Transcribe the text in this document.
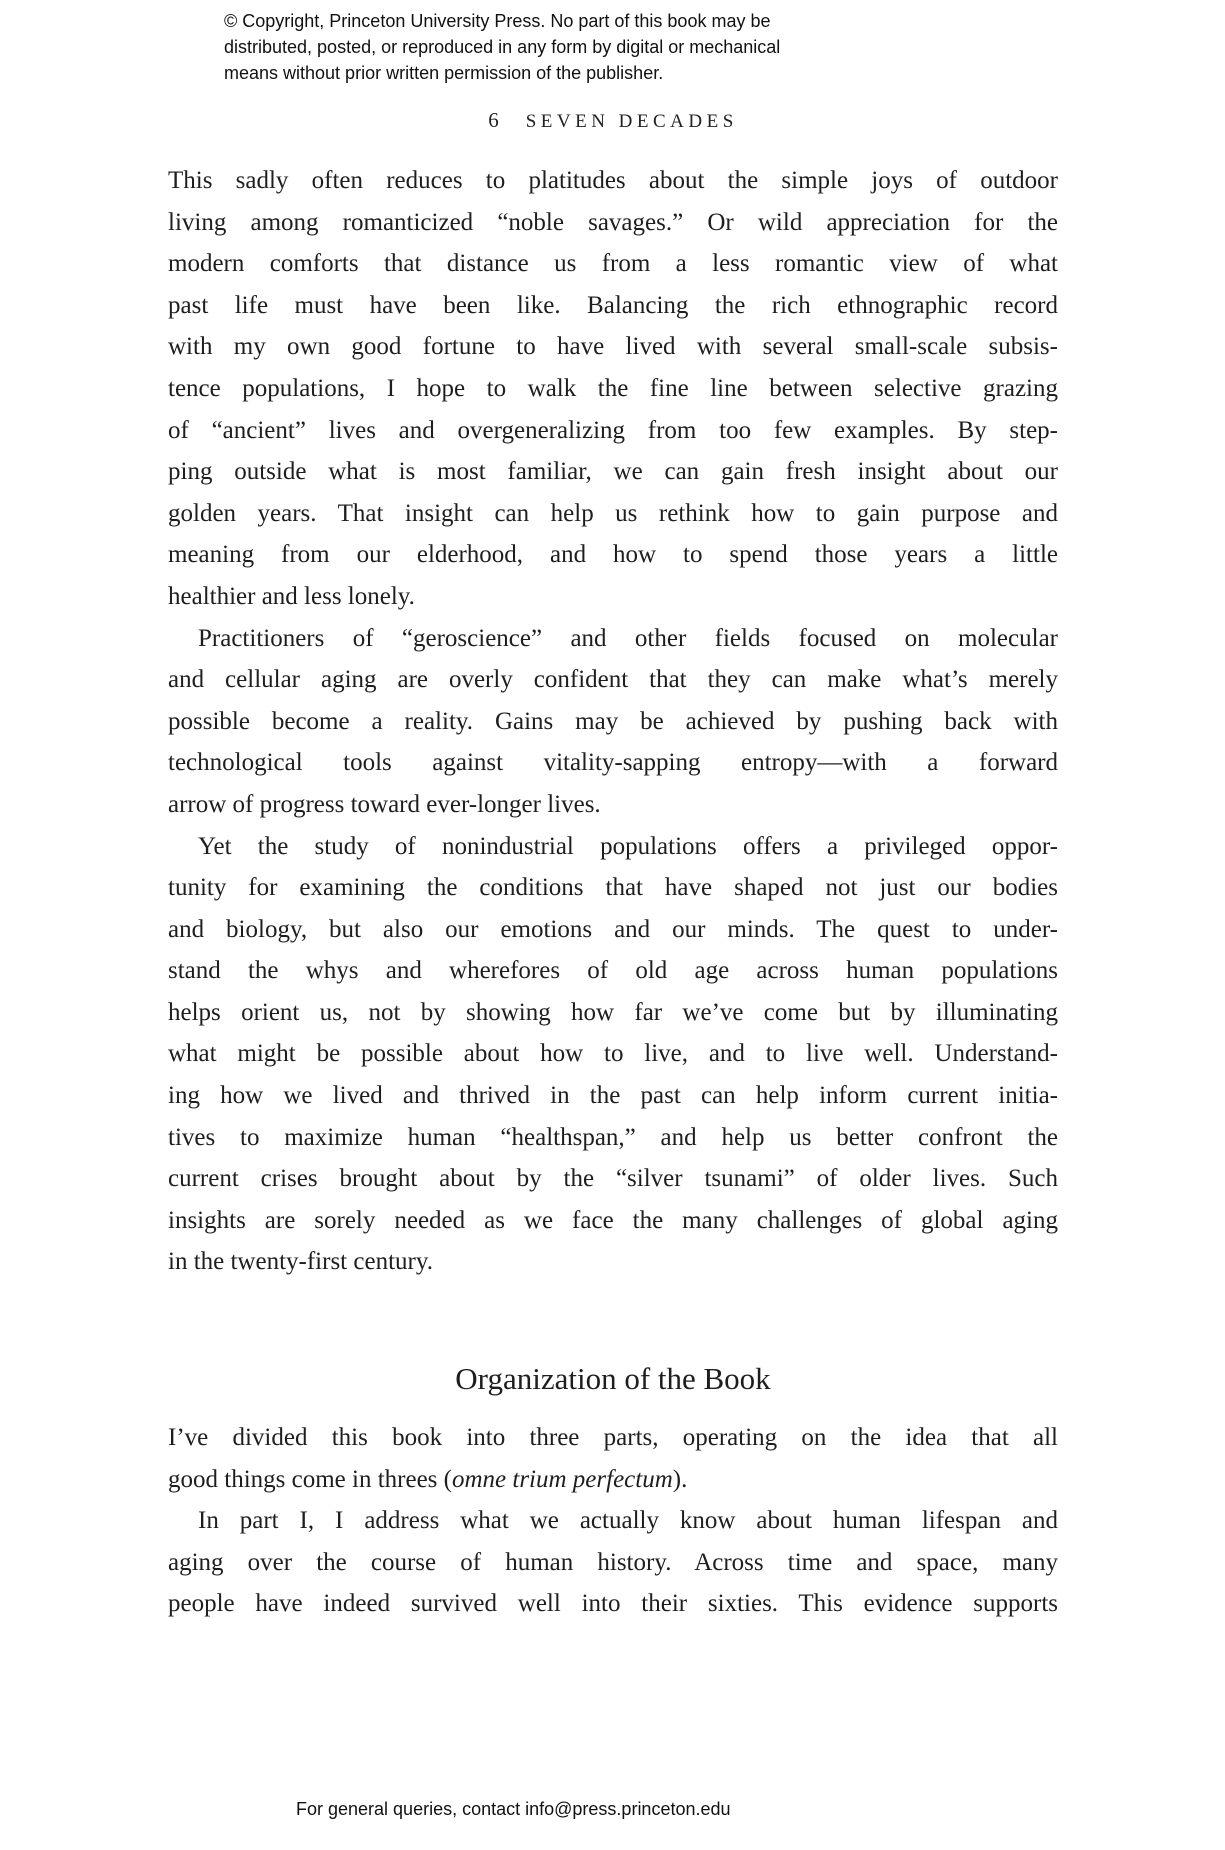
© Copyright, Princeton University Press. No part of this book may be
distributed, posted, or reproduced in any form by digital or mechanical
means without prior written permission of the publisher.
6 SEVEN DECADES
This sadly often reduces to platitudes about the simple joys of outdoor
living among romanticized “noble savages.” Or wild appreciation for the
modern comforts that distance us from a less romantic view of what
past life must have been like. Balancing the rich ethnographic record
with my own good fortune to have lived with several small-scale subsis-
tence populations, I hope to walk the fine line between selective grazing
of “ancient” lives and overgeneralizing from too few examples. By step-
ping outside what is most familiar, we can gain fresh insight about our
golden years. That insight can help us rethink how to gain purpose and
meaning from our elderhood, and how to spend those years a little
healthier and less lonely.
Practitioners of “geroscience” and other fields focused on molecular
and cellular aging are overly confident that they can make what’s merely
possible become a reality. Gains may be achieved by pushing back with
technological tools against vitality-sapping entropy—with a forward
arrow of progress toward ever-longer lives.
Yet the study of nonindustrial populations offers a privileged oppor-
tunity for examining the conditions that have shaped not just our bodies
and biology, but also our emotions and our minds. The quest to under-
stand the whys and wherefores of old age across human populations
helps orient us, not by showing how far we’ve come but by illuminating
what might be possible about how to live, and to live well. Understand-
ing how we lived and thrived in the past can help inform current initia-
tives to maximize human “healthspan,” and help us better confront the
current crises brought about by the “silver tsunami” of older lives. Such
insights are sorely needed as we face the many challenges of global aging
in the twenty-first century.
Organization of the Book
I’ve divided this book into three parts, operating on the idea that all
good things come in threes (omne trium perfectum).
In part I, I address what we actually know about human lifespan and
aging over the course of human history. Across time and space, many
people have indeed survived well into their sixties. This evidence supports
For general queries, contact info@press.princeton.edu
